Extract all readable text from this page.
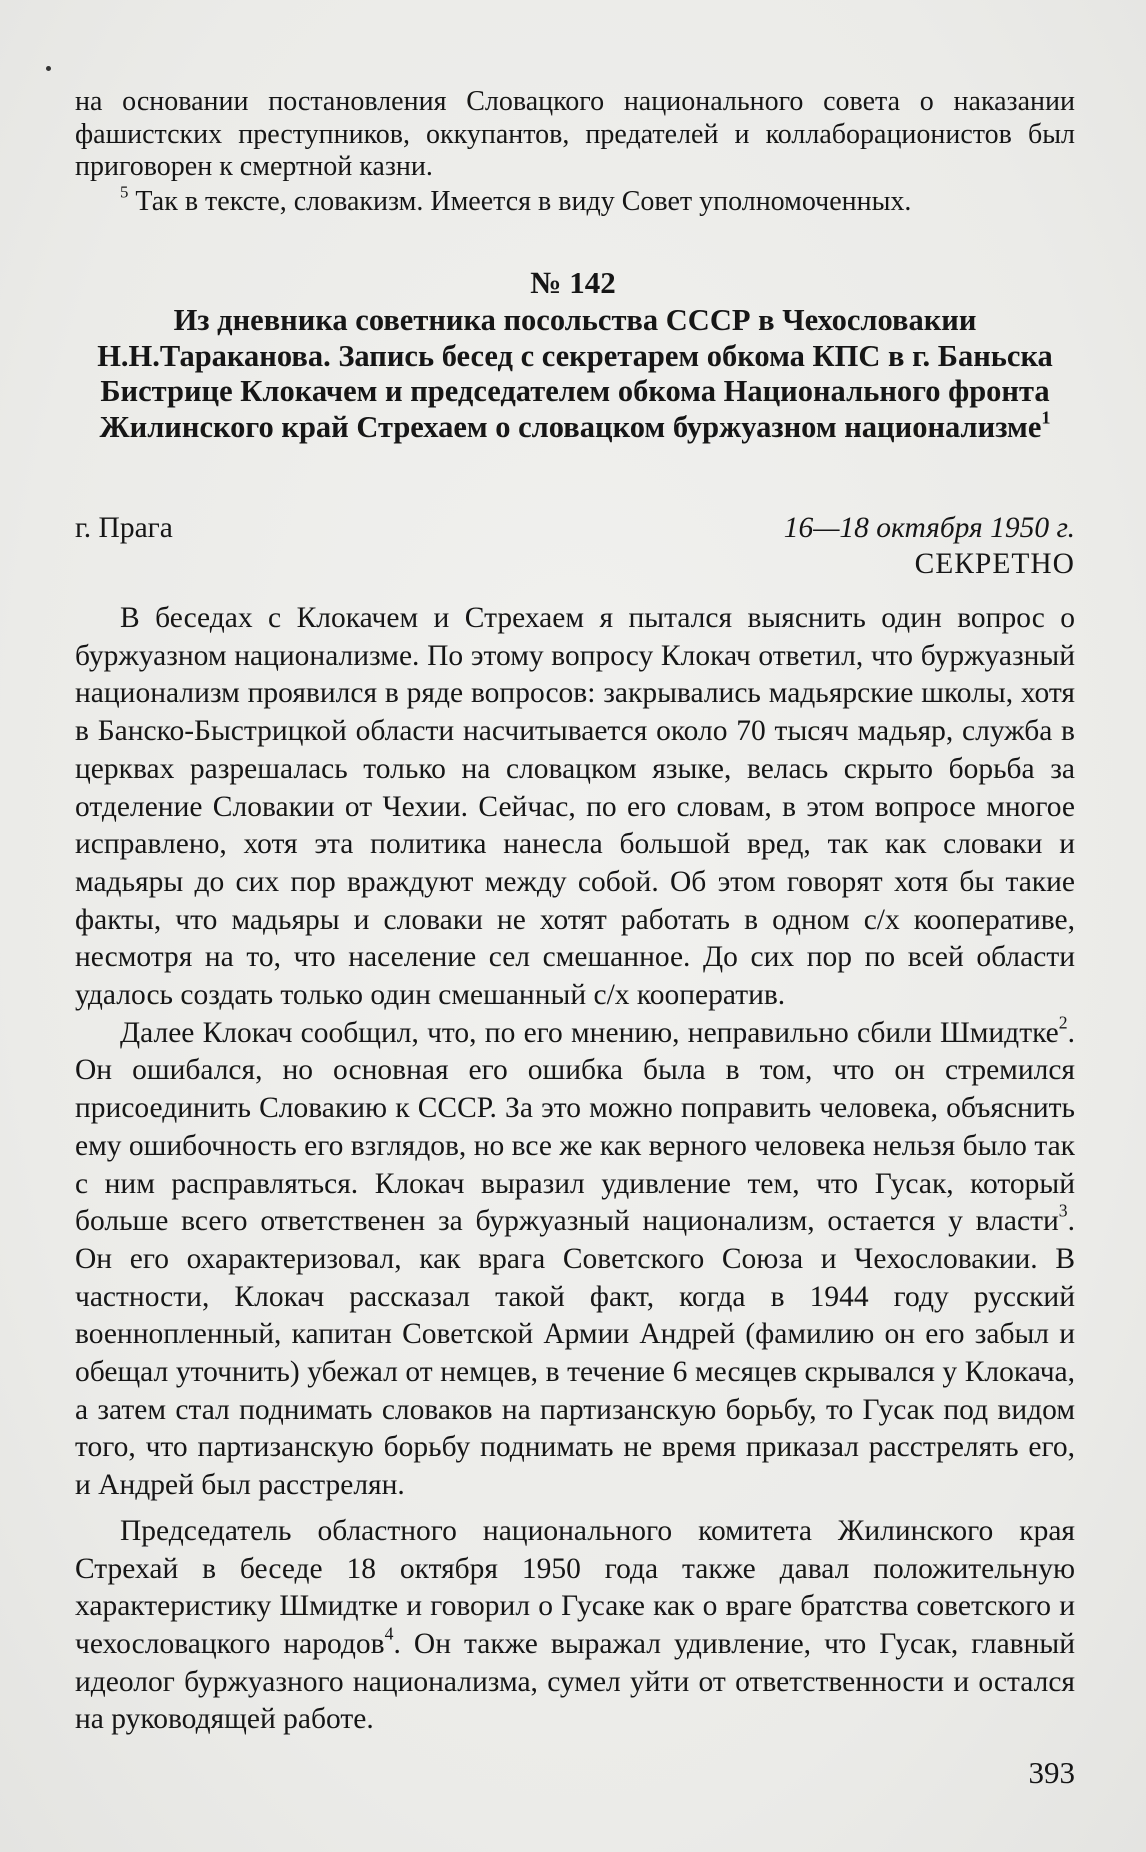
на основании постановления Словацкого национального совета о наказании фашистских преступников, оккупантов, предателей и коллаборационистов был приговорен к смертной казни.

$^5$ Так в тексте, словакизм. Имеется в виду Совет уполномоченных.

№ 142

Из дневника советника посольства СССР в Чехословакии Н.Н.Тараканова. Запись бесед с секретарем обкома КПС в г. Баньска Бистрице Клокачем и председателем обкома Национального фронта Жилинского край Стрехаем о словацком буржуазном национализме$^1$

г. Прага	16—18 октября 1950 г.
СЕКРЕТНО

В беседах с Клокачем и Стрехаем я пытался выяснить один вопрос о буржуазном национализме. По этому вопросу Клокач ответил, что буржуазный национализм проявился в ряде вопросов: закрывались мадьярские школы, хотя в Банско-Быстрицкой области насчитывается около 70 тысяч мадьяр, служба в церквах разрешалась только на словацком языке, велась скрыто борьба за отделение Словакии от Чехии. Сейчас, по его словам, в этом вопросе многое исправлено, хотя эта политика нанесла большой вред, так как словаки и мадьяры до сих пор враждуют между собой. Об этом говорят хотя бы такие факты, что мадьяры и словаки не хотят работать в одном с/х кооперативе, несмотря на то, что население сел смешанное. До сих пор по всей области удалось создать только один смешанный с/х кооператив.

Далее Клокач сообщил, что, по его мнению, неправильно сбили Шмидтке$^2$. Он ошибался, но основная его ошибка была в том, что он стремился присоединить Словакию к СССР. За это можно поправить человека, объяснить ему ошибочность его взглядов, но все же как верного человека нельзя было так с ним расправляться. Клокач выразил удивление тем, что Гусак, который больше всего ответственен за буржуазный национализм, остается у власти$^3$. Он его охарактеризовал, как врага Советского Союза и Чехословакии. В частности, Клокач рассказал такой факт, когда в 1944 году русский военнопленный, капитан Советской Армии Андрей (фамилию он его забыл и обещал уточнить) убежал от немцев, в течение 6 месяцев скрывался у Клокача, а затем стал поднимать словаков на партизанскую борьбу, то Гусак под видом того, что партизанскую борьбу поднимать не время приказал расстрелять его, и Андрей был расстрелян.

Председатель областного национального комитета Жилинского края Стрехай в беседе 18 октября 1950 года также давал положительную характеристику Шмидтке и говорил о Гусаке как о враге братства советского и чехословацкого народов$^4$. Он также выражал удивление, что Гусак, главный идеолог буржуазного национализма, сумел уйти от ответственности и остался на руководящей работе.

393
